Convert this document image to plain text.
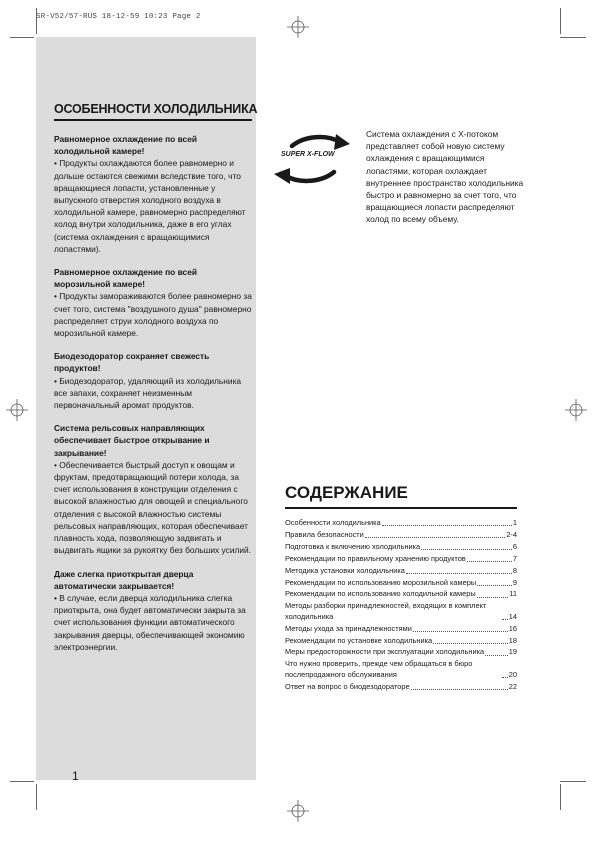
SR-V52/57-RUS 18-12-59 10:23 Page 2
ОСОБЕННОСТИ ХОЛОДИЛЬНИКА

Равномерное охлаждение по всей холодильной камере!

• Продукты охлаждаются более равномерно и дольше остаются свежими вследствие того, что вращающиеся лопасти, установленные у выпускного отверстия холодного воздуха в холодильной камере, равномерно распределяют холод внутри холодильника, даже в его углах (система охлаждения с вращающимися лопастями).

Равномерное охлаждение по всей морозильной камере!

• Продукты замораживаются более равномерно за счет того, система "воздушного душа" равномерно распределяет струи холодного воздуха по морозильной камере.

Биодезодоратор сохраняет свежесть продуктов!

• Биодезодоратор, удаляющий из холодильника все запахи, сохраняет неизменным первоначальный аромат продуктов.

Система рельсовых направляющих обеспечивает быстрое открывание и закрывание!

• Обеспечивается быстрый доступ к овощам и фруктам, предотвращающий потери холода, за счет использования в конструкции отделения с высокой влажностью для овощей и специального отделения с высокой влажностью системы рельсовых направляющих, которая обеспечивает плавность хода, позволяющую задвигать и выдвигать ящики за рукоятку без больших усилий.

Даже слегка приоткрытая дверца автоматически закрывается!

• В случае, если дверца холодильника слегка приоткрыта, она будет автоматически закрыта за счет использования функции автоматического закрывания дверцы, обеспечивающей экономию электроэнергии.

1
SUPER X-FLOW

Система охлаждения с X-потоком представляет собой новую систему охлаждения с вращающимися лопастями, которая охлаждает внутреннее пространство холодильника быстро и равномерно за счет того, что вращающиеся лопасти распределяют холод по всему объему.

СОДЕРЖАНИЕ
Особенности холодильника	1
Правила безопасности	2-4
Подготовка к включению холодильника	6
Рекомендации по правильному хранению продуктов	7
Методика установки холодильника	8
Рекомендации по использованию морозильной камеры	9
Рекомендации по использованию холодильной камеры	11
Методы разборки принадлежностей, входящих в комплект холодильника	14
Методы ухода за принадлежностями	16
Рекомендации по установке холодильника	18
Меры предосторожности при эксплуатации холодильника	19
Что нужно проверить, прежде чем обращаться в бюро послепродажного обслуживания	20
Ответ на вопрос о биодезодораторе	22
